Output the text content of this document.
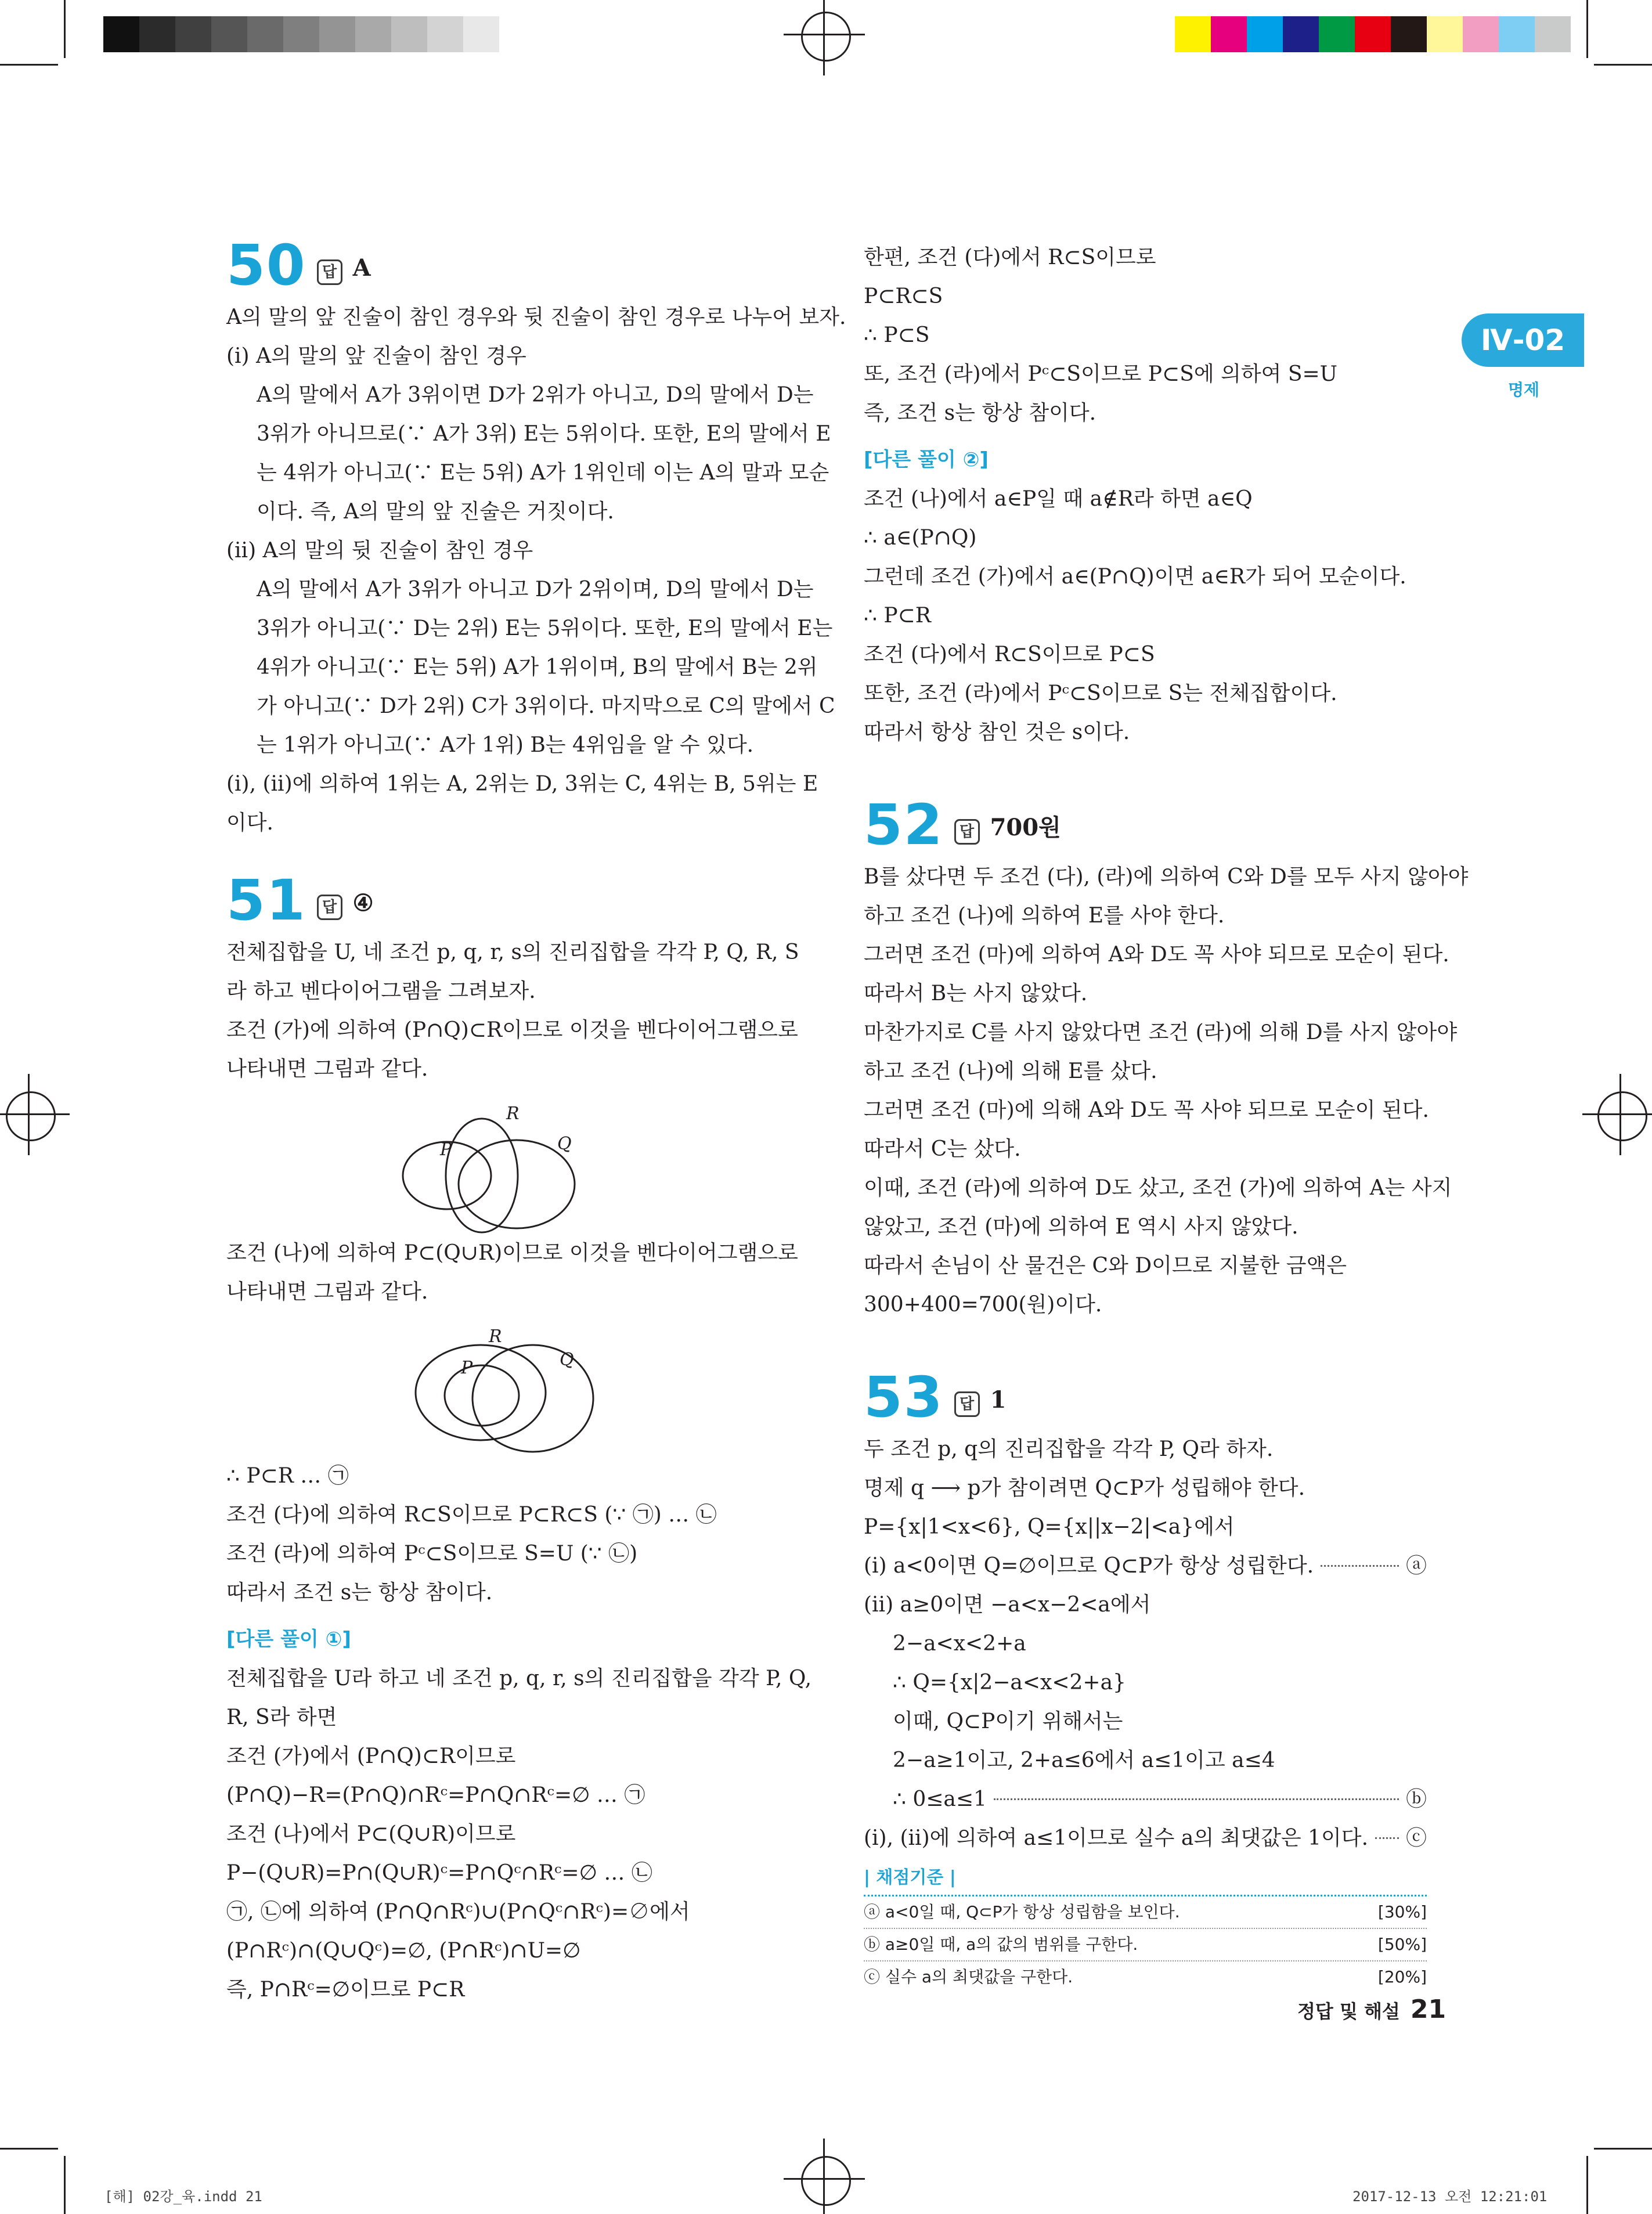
Ⅳ-02
명제
50	답 A

A의 말의 앞 진술이 참인 경우와 뒷 진술이 참인 경우로 나누어 보자.

(ⅰ) A의 말의 앞 진술이 참인 경우

A의 말에서 A가 3위이면 D가 2위가 아니고, D의 말에서 D는

3위가 아니므로(∵ A가 3위) E는 5위이다. 또한, E의 말에서 E

는 4위가 아니고(∵ E는 5위) A가 1위인데 이는 A의 말과 모순

이다. 즉, A의 말의 앞 진술은 거짓이다.

(ⅱ) A의 말의 뒷 진술이 참인 경우

A의 말에서 A가 3위가 아니고 D가 2위이며, D의 말에서 D는

3위가 아니고(∵ D는 2위) E는 5위이다. 또한, E의 말에서 E는

4위가 아니고(∵ E는 5위) A가 1위이며, B의 말에서 B는 2위

가 아니고(∵ D가 2위) C가 3위이다. 마지막으로 C의 말에서 C

는 1위가 아니고(∵ A가 1위) B는 4위임을 알 수 있다.

(ⅰ), (ⅱ)에 의하여 1위는 A, 2위는 D, 3위는 C, 4위는 B, 5위는 E

이다.

51	답 ④

전체집합을 U, 네 조건 p, q, r, s의 진리집합을 각각 P, Q, R, S

라 하고 벤다이어그램을 그려보자.

조건 (가)에 의하여 (P∩Q)⊂R이므로 이것을 벤다이어그램으로

나타내면 그림과 같다.

P	Q
R

조건 (나)에 의하여 P⊂(Q∪R)이므로 이것을 벤다이어그램으로

나타내면 그림과 같다.

P	Q
R

∴ P⊂R … ㉠

조건 (다)에 의하여 R⊂S이므로 P⊂R⊂S (∵ ㉠) … ㉡

조건 (라)에 의하여 Pᶜ⊂S이므로 S=U (∵ ㉡)

따라서 조건 s는 항상 참이다.

[다른 풀이 ①]

전체집합을 U라 하고 네 조건 p, q, r, s의 진리집합을 각각 P, Q,

R, S라 하면

조건 (가)에서 (P∩Q)⊂R이므로

(P∩Q)−R=(P∩Q)∩Rᶜ=P∩Q∩Rᶜ=∅ … ㉠

조건 (나)에서 P⊂(Q∪R)이므로

P−(Q∪R)=P∩(Q∪R)ᶜ=P∩Qᶜ∩Rᶜ=∅ … ㉡

㉠, ㉡에 의하여 (P∩Q∩Rᶜ)∪(P∩Qᶜ∩Rᶜ)=∅에서

(P∩Rᶜ)∩(Q∪Qᶜ)=∅, (P∩Rᶜ)∩U=∅

즉, P∩Rᶜ=∅이므로 P⊂R

한편, 조건 (다)에서 R⊂S이므로

P⊂R⊂S

∴ P⊂S

또, 조건 (라)에서 Pᶜ⊂S이므로 P⊂S에 의하여 S=U

즉, 조건 s는 항상 참이다.

[다른 풀이 ②]

조건 (나)에서 a∈P일 때 a∉R라 하면 a∈Q

∴ a∈(P∩Q)

그런데 조건 (가)에서 a∈(P∩Q)이면 a∈R가 되어 모순이다.

∴ P⊂R

조건 (다)에서 R⊂S이므로 P⊂S

또한, 조건 (라)에서 Pᶜ⊂S이므로 S는 전체집합이다.

따라서 항상 참인 것은 s이다.

52	답 700원

B를 샀다면 두 조건 (다), (라)에 의하여 C와 D를 모두 사지 않아야

하고 조건 (나)에 의하여 E를 사야 한다.

그러면 조건 (마)에 의하여 A와 D도 꼭 사야 되므로 모순이 된다.

따라서 B는 사지 않았다.

마찬가지로 C를 사지 않았다면 조건 (라)에 의해 D를 사지 않아야

하고 조건 (나)에 의해 E를 샀다.

그러면 조건 (마)에 의해 A와 D도 꼭 사야 되므로 모순이 된다.

따라서 C는 샀다.

이때, 조건 (라)에 의하여 D도 샀고, 조건 (가)에 의하여 A는 사지

않았고, 조건 (마)에 의하여 E 역시 사지 않았다.

따라서 손님이 산 물건은 C와 D이므로 지불한 금액은

300+400=700(원)이다.

53	답 1

두 조건 p, q의 진리집합을 각각 P, Q라 하자.

명제 q ⟶ p가 참이려면 Q⊂P가 성립해야 한다.

P={x|1<x<6}, Q={x||x−2|<a}에서

(ⅰ) a<0이면 Q=∅이므로 Q⊂P가 항상 성립한다.	ⓐ

(ⅱ) a≥0이면 −a<x−2<a에서

2−a<x<2+a

∴ Q={x|2−a<x<2+a}

이때, Q⊂P이기 위해서는

2−a≥1이고, 2+a≤6에서 a≤1이고 a≤4

∴ 0≤a≤1	ⓑ

(ⅰ), (ⅱ)에 의하여 a≤1이므로 실수 a의 최댓값은 1이다. ⓒ

| 채점기준 |

ⓐ a<0일 때, Q⊂P가 항상 성립함을 보인다.	[30%]
ⓑ a≥0일 때, a의 값의 범위를 구한다.	[50%]
ⓒ 실수 a의 최댓값을 구한다.	[20%]
정답 및 해설 21
[해] 02강_육.indd 21	2017-12-13 오전 12:21:01
